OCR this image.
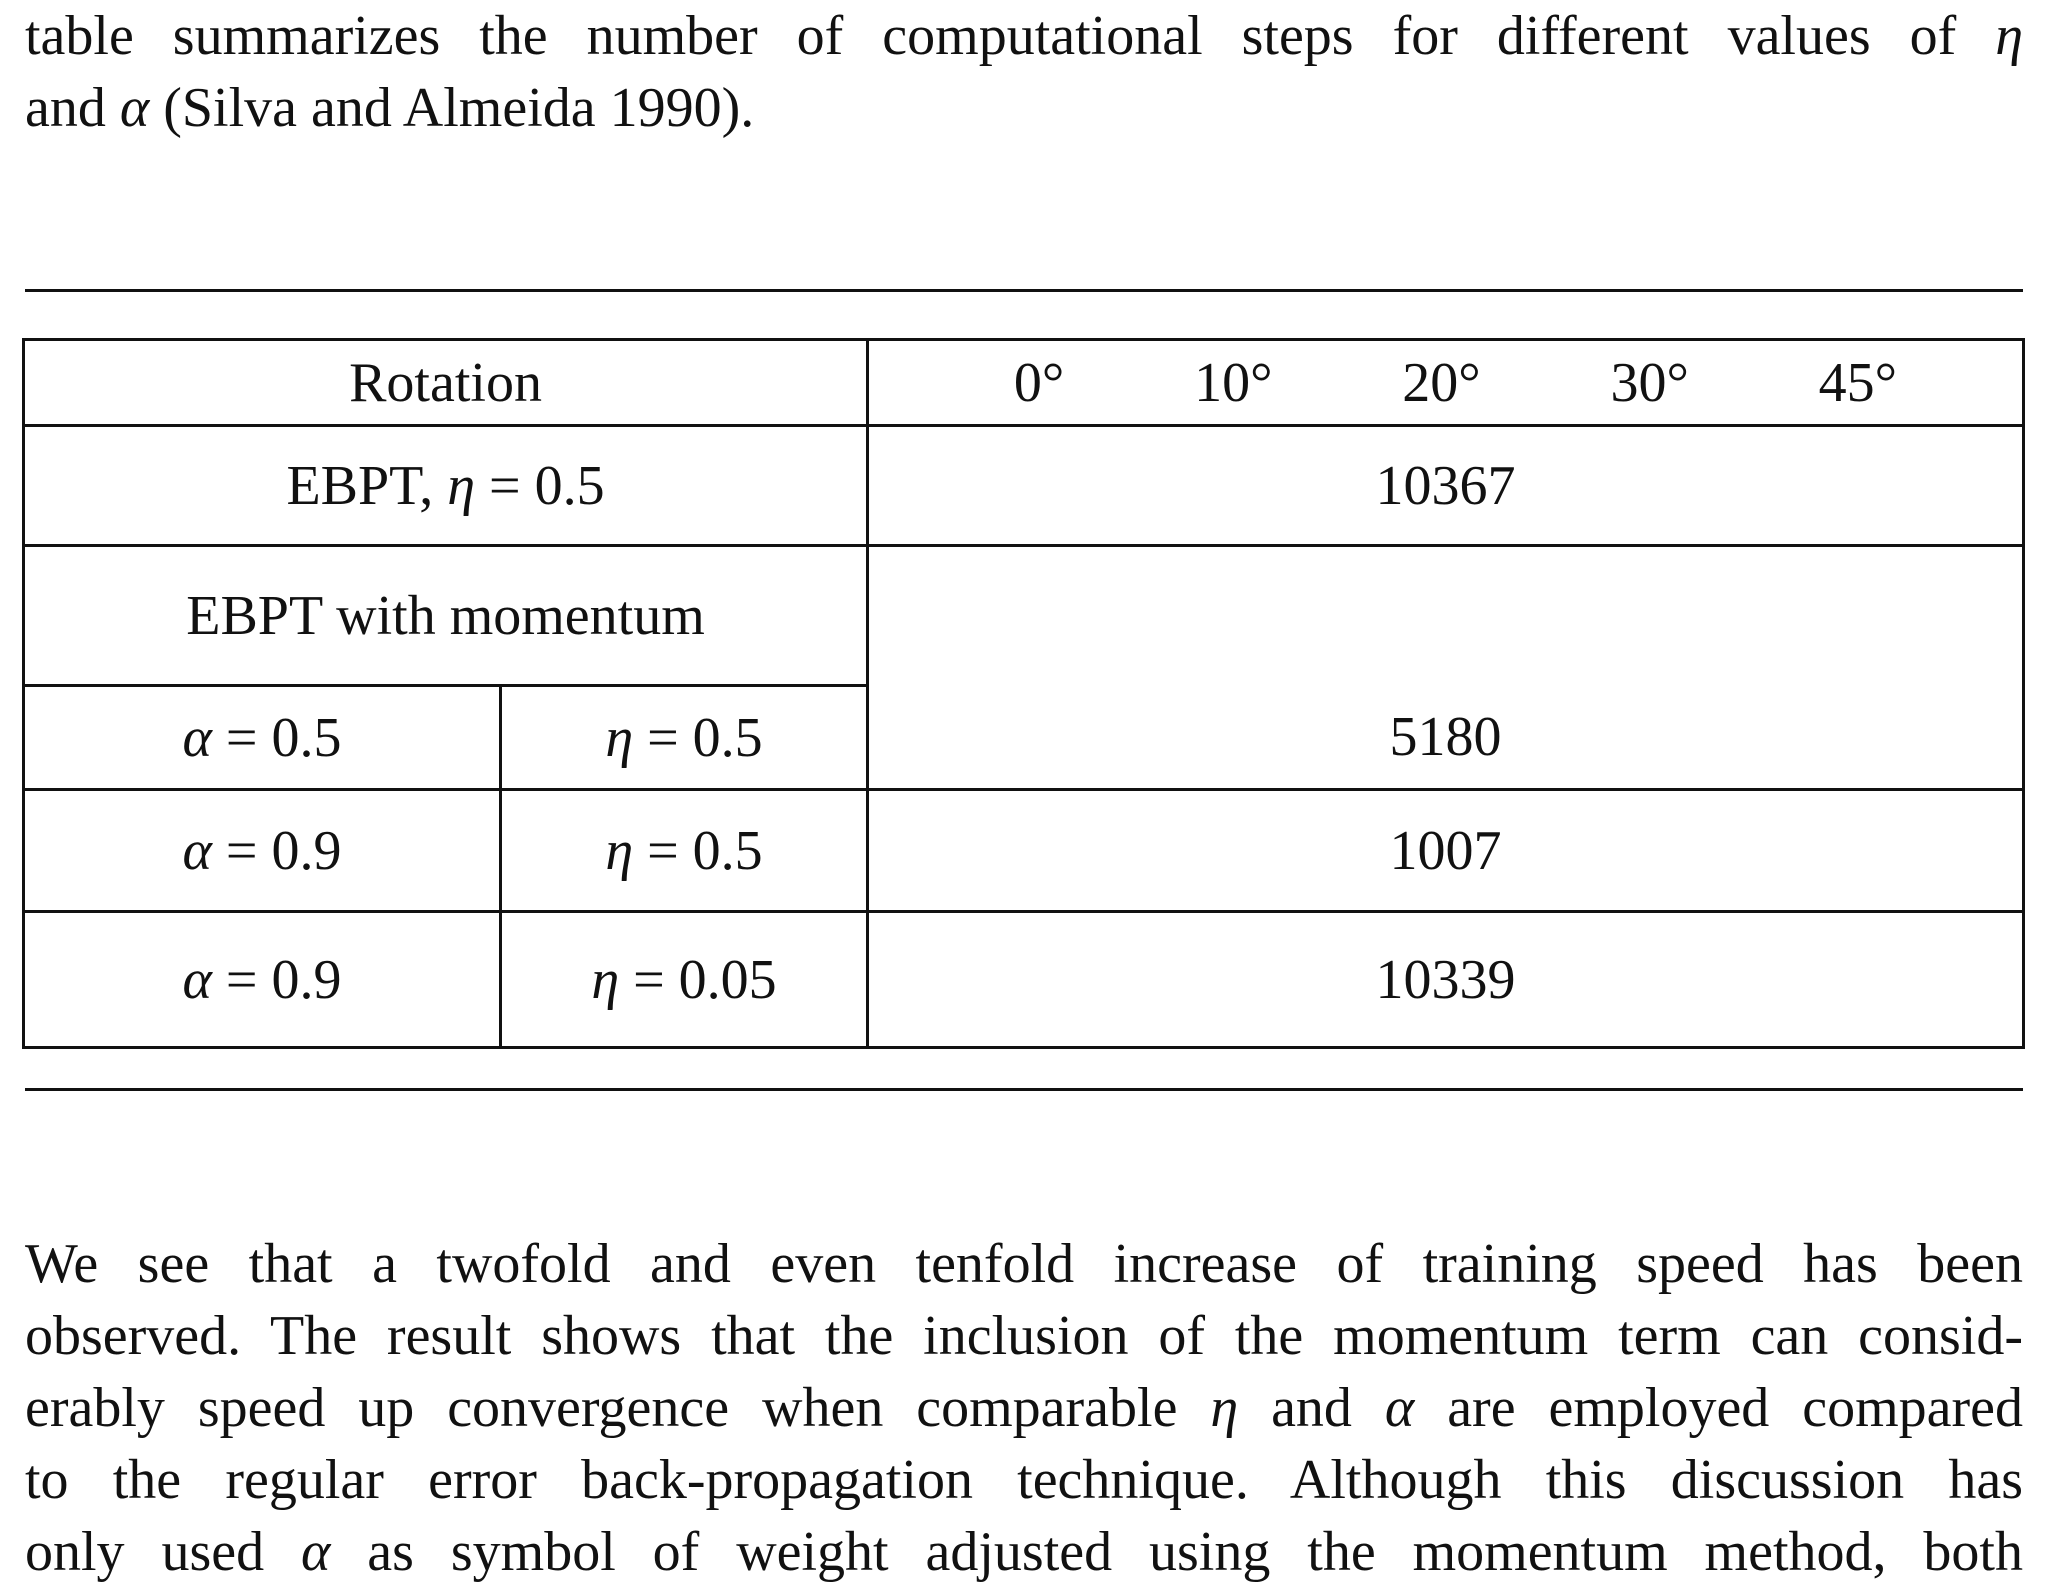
table summarizes the number of computational steps for different values of η
and α (Silva and Almeida 1990).
Rotation		0° 10° 20° 30° 45°

EBPT, η = 0.5		10367
EBPT with momentum		
α = 0.5	η = 0.5	5180
α = 0.9	η = 0.5	1007
α = 0.9	η = 0.05	10339
We see that a twofold and even tenfold increase of training speed has been
observed. The result shows that the inclusion of the momentum term can consid-
erably speed up convergence when comparable η and α are employed compared
to the regular error back-propagation technique. Although this discussion has
only used α as symbol of weight adjusted using the momentum method, both
